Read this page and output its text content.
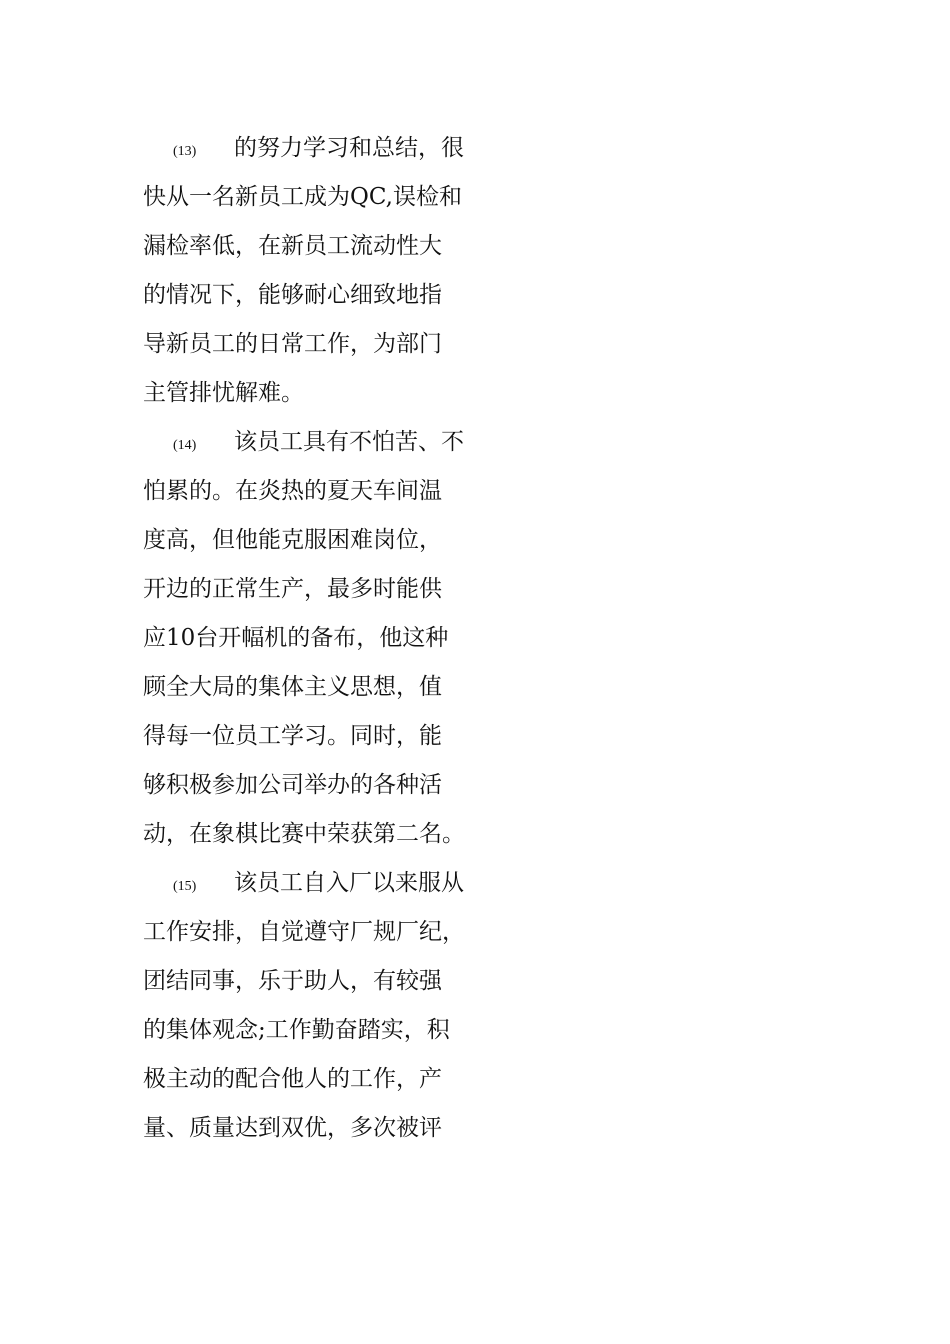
(13) 的努力学习和总结，很
快从一名新员工成为QC,误检和
漏检率低，在新员工流动性大
的情况下，能够耐心细致地指
导新员工的日常工作，为部门
主管排忧解难。
(14) 该员工具有不怕苦、不
怕累的。在炎热的夏天车间温
度高，但他能克服困难岗位，
开边的正常生产，最多时能供
应10台开幅机的备布，他这种
顾全大局的集体主义思想，值
得每一位员工学习。同时，能
够积极参加公司举办的各种活
动，在象棋比赛中荣获第二名。
(15) 该员工自入厂以来服从
工作安排，自觉遵守厂规厂纪，
团结同事，乐于助人，有较强
的集体观念;工作勤奋踏实，积
极主动的配合他人的工作，产
量、质量达到双优，多次被评
